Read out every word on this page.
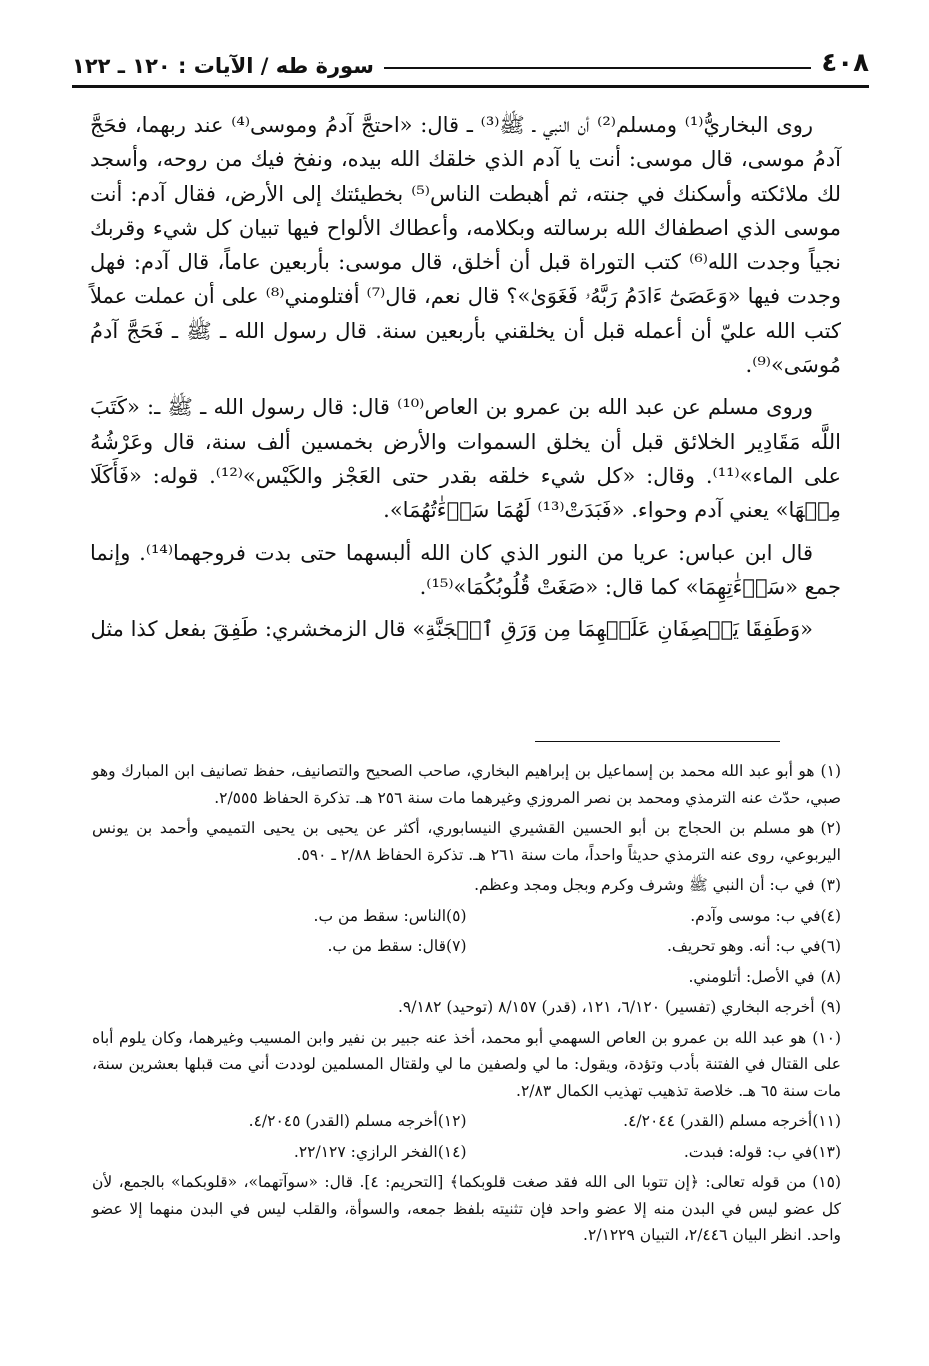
سورة طه / الآيات : ١٢٠ ـ ١٢٢	٤٠٨

روى البخاريُّ⁽¹⁾ ومسلم⁽²⁾ أن النبي ـ ﷺ⁽³⁾ ـ قال: «احتجَّ آدمُ وموسى⁽⁴⁾ عند ربهما، فحَجَّ آدمُ موسى، قال موسى: أنت يا آدم الذي خلقك الله بيده، ونفخ فيك من روحه، وأسجد لك ملائكته وأسكنك في جنته، ثم أهبطت الناس⁽⁵⁾ بخطيئتك إلى الأرض، فقال آدم: أنت موسى الذي اصطفاك الله برسالته وبكلامه، وأعطاك الألواح فيها تبيان كل شيء وقربك نجياً وجدت الله⁽⁶⁾ كتب التوراة قبل أن أخلق، قال موسى: بأربعين عاماً، قال آدم: فهل وجدت فيها «وَعَصَىٰٓ ءَادَمُ رَبَّهُۥ فَغَوَىٰ»؟ قال نعم، قال⁽⁷⁾ أفتلومني⁽⁸⁾ على أن عملت عملاً كتب الله عليّ أن أعمله قبل أن يخلقني بأربعين سنة. قال رسول الله ـ ﷺ ـ فَحَجَّ آدمُ مُوسَى»⁽⁹⁾.

وروى مسلم عن عبد الله بن عمرو بن العاص⁽¹⁰⁾ قال: قال رسول الله ـ ﷺ ـ: «كَتَبَ اللَّه مَقَادِير الخلائق قبل أن يخلق السموات والأرض بخمسين ألف سنة، قال وعَرْشُهُ على الماء»⁽¹¹⁾. وقال: «كل شيء خلقه بقدر حتى العَجْز والكَيْس»⁽¹²⁾. قوله: «فَأَكَلَا مِنۡهَا» يعني آدم وحواء. «فَبَدَتْ⁽¹³⁾ لَهُمَا سَوۡءَٰتُهُمَا».

قال ابن عباس: عريا من النور الذي كان الله ألبسهما حتى بدت فروجهما⁽¹⁴⁾. وإنما جمع «سَوۡءَٰتِهِمَا» كما قال: «صَغَتْ قُلُوبُكُمَا»⁽¹⁵⁾.

«وَطَفِقَا يَخۡصِفَانِ عَلَيۡهِمَا مِن وَرَقِ ٱلۡجَنَّةِ» قال الزمخشري: طَفِقَ بفعل كذا مثل

(١)هو أبو عبد الله محمد بن إسماعيل بن إبراهيم البخاري، صاحب الصحيح والتصانيف، حفظ تصانيف ابن المبارك وهو صبي، حدّث عنه الترمذي ومحمد بن نصر المروزي وغيرهما مات سنة ٢٥٦ هـ. تذكرة الحفاظ ٢/٥٥٥.
(٢)هو مسلم بن الحجاج بن أبو الحسين القشيري النيسابوري، أكثر عن يحيى بن يحيى التميمي وأحمد بن يونس اليربوعي، روى عنه الترمذي حديثاً واحداً، مات سنة ٢٦١ هـ. تذكرة الحفاظ ٢/٨٨ ـ ٥٩٠.
(٣)في ب: أن النبي ﷺ وشرف وكرم وبجل ومجد وعظم.
(٤)في ب: موسى وآدم.
(٥)الناس: سقط من ب.
(٦)في ب: أنه. وهو تحريف.
(٧)قال: سقط من ب.
(٨)في الأصل: أتلومني.
(٩)أخرجه البخاري (تفسير) ٦/١٢٠، ١٢١، (قدر) ٨/١٥٧ (توحيد) ٩/١٨٢.
(١٠)هو عبد الله بن عمرو بن العاص السهمي أبو محمد، أخذ عنه جبير بن نفير وابن المسيب وغيرهما، وكان يلوم أباه على القتال في الفتنة بأدب وتؤدة، ويقول: ما لي ولصفين ما لي ولقتال المسلمين لوددت أني مت قبلها بعشرين سنة، مات سنة ٦٥ هـ. خلاصة تذهيب تهذيب الكمال ٢/٨٣.
(١١)أخرجه مسلم (القدر) ٤/٢٠٤٤.
(١٢)أخرجه مسلم (القدر) ٤/٢٠٤٥.
(١٣)في ب: قوله: فبدت.
(١٤)الفخر الرازي: ٢٢/١٢٧.
(١٥)من قوله تعالى: ﴿إن تتوبا الى الله فقد صغت قلوبكما﴾ [التحريم: ٤]. قال: «سوآتهما»، «قلوبكما» بالجمع، لأن كل عضو ليس في البدن منه إلا عضو واحد فإن تثنيته بلفظ جمعه، والسوأة، والقلب ليس في البدن منهما إلا عضو واحد. انظر البيان ٢/٤٤٦، التبيان ٢/١٢٢٩.
